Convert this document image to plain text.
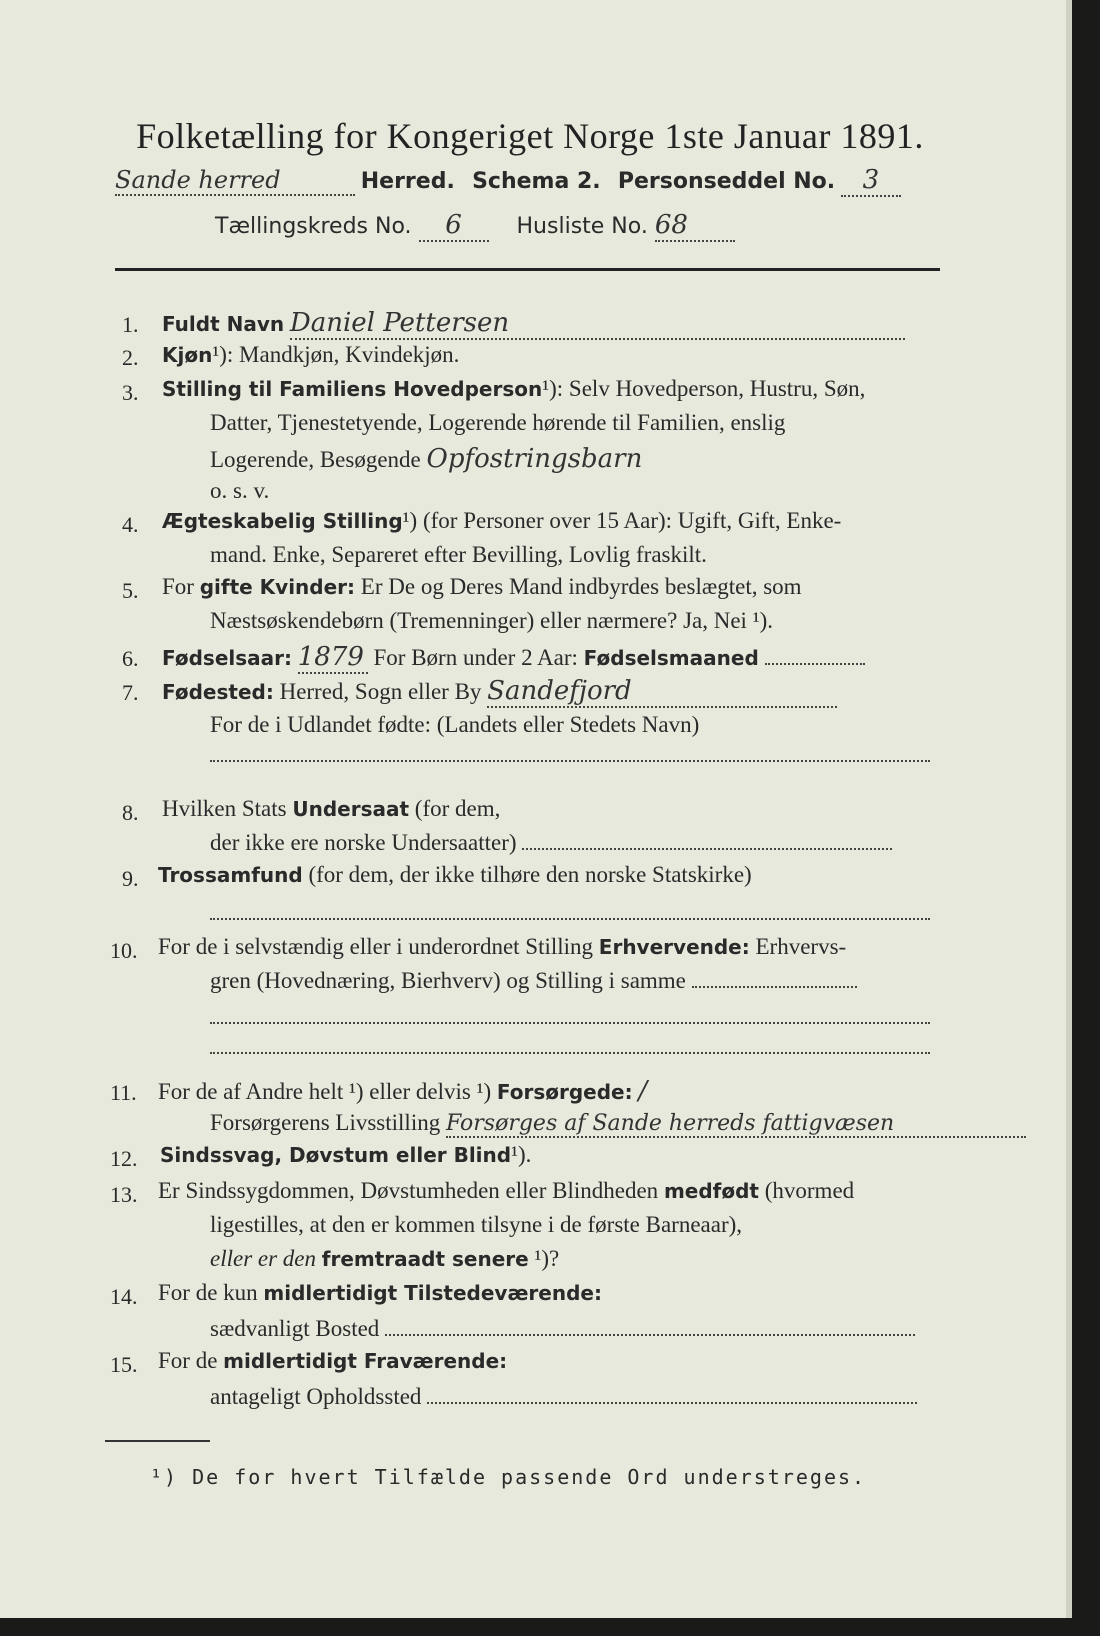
Folketælling for Kongeriget Norge 1ste Januar 1891.
Sande herred	Herred. Schema 2. Personseddel No. 3
Tællingskreds No. 6 Husliste No. 68
1. Fuldt Navn Daniel Pettersen
2. Kjøn¹): Mandkjøn, Kvindekjøn.
3. Stilling til Familiens Hovedperson¹): Selv Hovedperson, Hustru, Søn,
Datter, Tjenestetyende, Logerende hørende til Familien, enslig
Logerende, Besøgende Opfostringsbarn
o. s. v.
4. Ægteskabelig Stilling¹) (for Personer over 15 Aar): Ugift, Gift, Enke-
mand. Enke, Separeret efter Bevilling, Lovlig fraskilt.
5. For gifte Kvinder: Er De og Deres Mand indbyrdes beslægtet, som
Næstsøskendebørn (Tremenninger) eller nærmere? Ja, Nei ¹).
6. Fødselsaar: 1879 For Børn under 2 Aar: Fødselsmaaned
7. Fødested: Herred, Sogn eller By Sandefjord
For de i Udlandet fødte: (Landets eller Stedets Navn)
8. Hvilken Stats Undersaat (for dem,
der ikke ere norske Undersaatter)
9. Trossamfund (for dem, der ikke tilhøre den norske Statskirke)
10. For de i selvstændig eller i underordnet Stilling Erhvervende: Erhvervs-
gren (Hovednæring, Bierhverv) og Stilling i samme
11. For de af Andre helt ¹) eller delvis ¹) Forsørgede: /
Forsørgerens Livsstilling Forsørges af Sande herreds fattigvæsen
12. Sindssvag, Døvstum eller Blind¹).
13. Er Sindssygdommen, Døvstumheden eller Blindheden medfødt (hvormed
ligestilles, at den er kommen tilsyne i de første Barneaar),
eller er den fremtraadt senere ¹)?
14. For de kun midlertidigt Tilstedeværende:
sædvanligt Bosted
15. For de midlertidigt Fraværende:
antageligt Opholdssted
¹) De for hvert Tilfælde passende Ord understreges.
